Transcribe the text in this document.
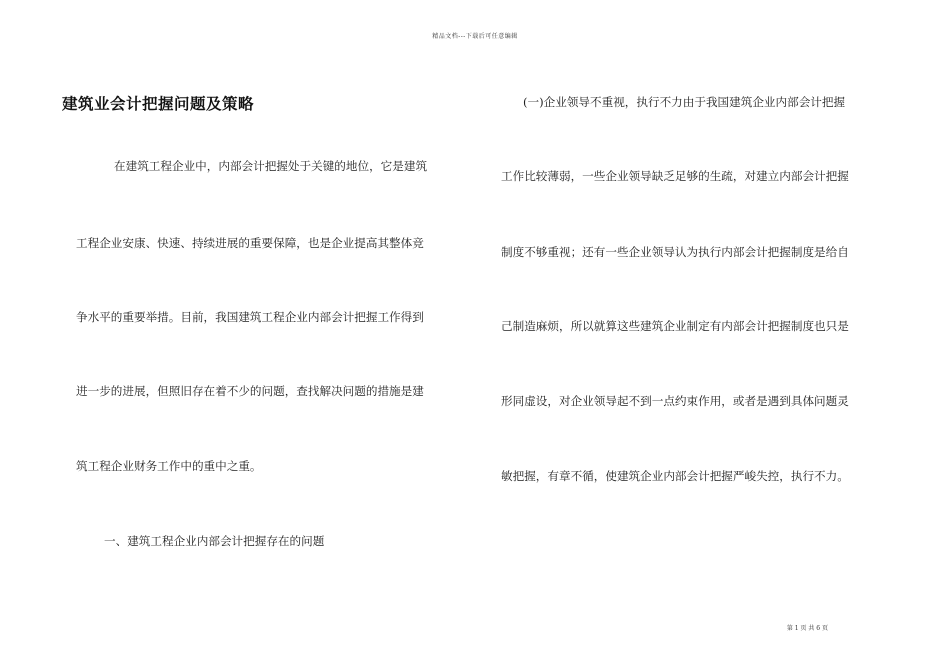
精品文档---下载后可任意编辑
建筑业会计把握问题及策略
在建筑工程企业中，内部会计把握处于关键的地位，它是建筑
工程企业安康、快速、持续进展的重要保障，也是企业提高其整体竞
争水平的重要举措。目前，我国建筑工程企业内部会计把握工作得到
进一步的进展，但照旧存在着不少的问题，查找解决问题的措施是建
筑工程企业财务工作中的重中之重。
一、建筑工程企业内部会计把握存在的问题
(一)企业领导不重视，执行不力由于我国建筑企业内部会计把握
工作比较薄弱，一些企业领导缺乏足够的生疏，对建立内部会计把握
制度不够重视；还有一些企业领导认为执行内部会计把握制度是给自
己制造麻烦，所以就算这些建筑企业制定有内部会计把握制度也只是
形同虚设，对企业领导起不到一点约束作用，或者是遇到具体问题灵
敏把握，有章不循，使建筑企业内部会计把握严峻失控，执行不力。
第 1 页 共 6 页
